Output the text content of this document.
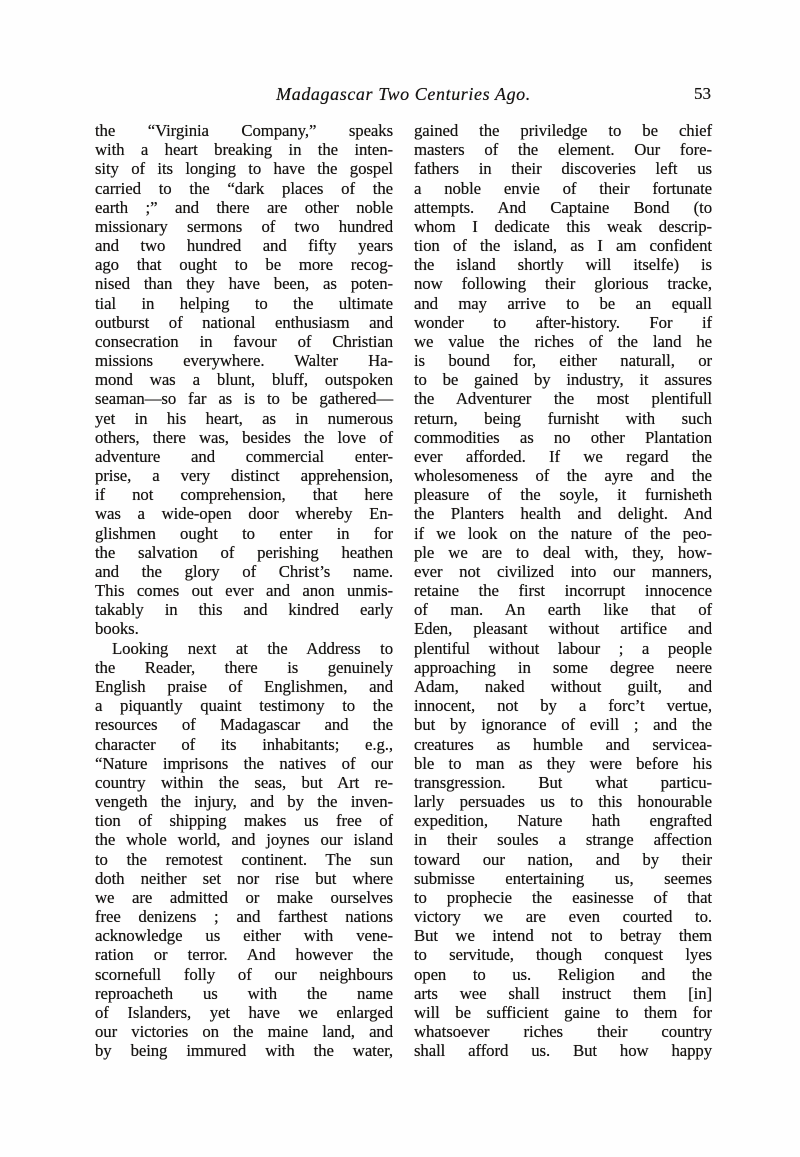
Madagascar Two Centuries Ago.	53
the “Virginia Company,” speaks
with a heart breaking in the inten-
sity of its longing to have the gospel
carried to the “dark places of the
earth ;” and there are other noble
missionary sermons of two hundred
and two hundred and fifty years
ago that ought to be more recog-
nised than they have been, as poten-
tial in helping to the ultimate
outburst of national enthusiasm and
consecration in favour of Christian
missions everywhere. Walter Ha-
mond was a blunt, bluff, outspoken
seaman—so far as is to be gathered—
yet in his heart, as in numerous
others, there was, besides the love of
adventure and commercial enter-
prise, a very distinct apprehension,
if not comprehension, that here
was a wide-open door whereby En-
glishmen ought to enter in for
the salvation of perishing heathen
and the glory of Christ’s name.
This comes out ever and anon unmis-
takably in this and kindred early
books.
Looking next at the Address to
the Reader, there is genuinely
English praise of Englishmen, and
a piquantly quaint testimony to the
resources of Madagascar and the
character of its inhabitants; e.g.,
“Nature imprisons the natives of our
country within the seas, but Art re-
vengeth the injury, and by the inven-
tion of shipping makes us free of
the whole world, and joynes our island
to the remotest continent. The sun
doth neither set nor rise but where
we are admitted or make ourselves
free denizens ; and farthest nations
acknowledge us either with vene-
ration or terror. And however the
scornefull folly of our neighbours
reproacheth us with the name
of Islanders, yet have we enlarged
our victories on the maine land, and
by being immured with the water,
gained the priviledge to be chief
masters of the element. Our fore-
fathers in their discoveries left us
a noble envie of their fortunate
attempts. And Captaine Bond (to
whom I dedicate this weak descrip-
tion of the island, as I am confident
the island shortly will itselfe) is
now following their glorious tracke,
and may arrive to be an equall
wonder to after-history. For if
we value the riches of the land he
is bound for, either naturall, or
to be gained by industry, it assures
the Adventurer the most plentifull
return, being furnisht with such
commodities as no other Plantation
ever afforded. If we regard the
wholesomeness of the ayre and the
pleasure of the soyle, it furnisheth
the Planters health and delight. And
if we look on the nature of the peo-
ple we are to deal with, they, how-
ever not civilized into our manners,
retaine the first incorrupt innocence
of man. An earth like that of
Eden, pleasant without artifice and
plentiful without labour ; a people
approaching in some degree neere
Adam, naked without guilt, and
innocent, not by a forc’t vertue,
but by ignorance of evill ; and the
creatures as humble and servicea-
ble to man as they were before his
transgression. But what particu-
larly persuades us to this honourable
expedition, Nature hath engrafted
in their soules a strange affection
toward our nation, and by their
submisse entertaining us, seemes
to prophecie the easinesse of that
victory we are even courted to.
But we intend not to betray them
to servitude, though conquest lyes
open to us. Religion and the
arts wee shall instruct them [in]
will be sufficient gaine to them for
whatsoever riches their country
shall afford us. But how happy
